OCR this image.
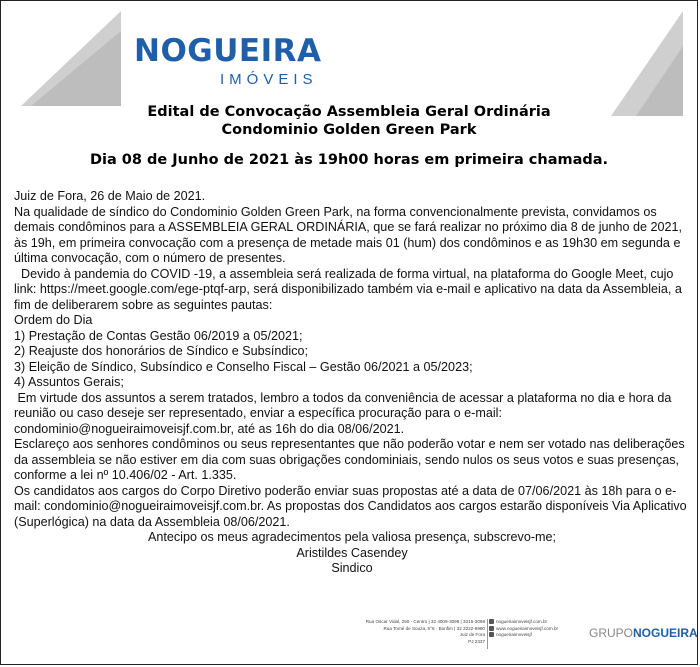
NOGUEIRA
IMÓVEIS
Edital de Convocação Assembleia Geral Ordinária
Condominio Golden Green Park
Dia 08 de Junho de 2021 às 19h00 horas em primeira chamada.

Juiz de Fora, 26 de Maio de 2021.

Na qualidade de síndico do Condominio Golden Green Park, na forma convencionalmente prevista, convidamos os demais condôminos para a ASSEMBLEIA GERAL ORDINÁRIA, que se fará realizar no próximo dia 8 de junho de 2021, às 19h, em primeira convocação com a presença de metade mais 01 (hum) dos condôminos e as 19h30 em segunda e última convocação, com o número de presentes.

Devido à pandemia do COVID -19, a assembleia será realizada de forma virtual, na plataforma do Google Meet, cujo link: https://meet.google.com/ege-ptqf-arp, será disponibilizado também via e-mail e aplicativo na data da Assembleia, a fim de deliberarem sobre as seguintes pautas:

Ordem do Dia

1) Prestação de Contas Gestão 06/2019 a 05/2021;

2) Reajuste dos honorários de Síndico e Subsíndico;

3) Eleição de Síndico, Subsíndico e Conselho Fiscal – Gestão 06/2021 a 05/2023;

4) Assuntos Gerais;

Em virtude dos assuntos a serem tratados, lembro a todos da conveniência de acessar a plataforma no dia e hora da reunião ou caso deseje ser representado, enviar a específica procuração para o e-mail: condominio@nogueiraimoveisjf.com.br, até as 16h do dia 08/06/2021.

Esclareço aos senhores condôminos ou seus representantes que não poderão votar e nem ser votado nas deliberações da assembleia se não estiver em dia com suas obrigações condominiais, sendo nulos os seus votos e suas presenças, conforme a lei nº 10.406/02 - Art. 1.335.

Os candidatos aos cargos do Corpo Diretivo poderão enviar suas propostas até a data de 07/06/2021 às 18h para o e-mail: condominio@nogueiraimoveisjf.com.br. As propostas dos Candidatos aos cargos estarão disponíveis Via Aplicativo (Superlógica) na data da Assembleia 08/06/2021.

Antecipo os meus agradecimentos pela valiosa presença, subscrevo-me;

Aristildes Casendey

Sindico

Rua Oscar Vidal, 250 · Centro | 32 4009-3098 | 3215-3098
Rua Tomé de Souza, 5°8 · Bonfim | 32 3222-6980
Juiz de Fora
PJ 2337
nogueiraimoveisjf.com.br
www.nogueiraimoveisjf.com.br
nogueiraimoveisjf	GRUPONOGUEIRA
